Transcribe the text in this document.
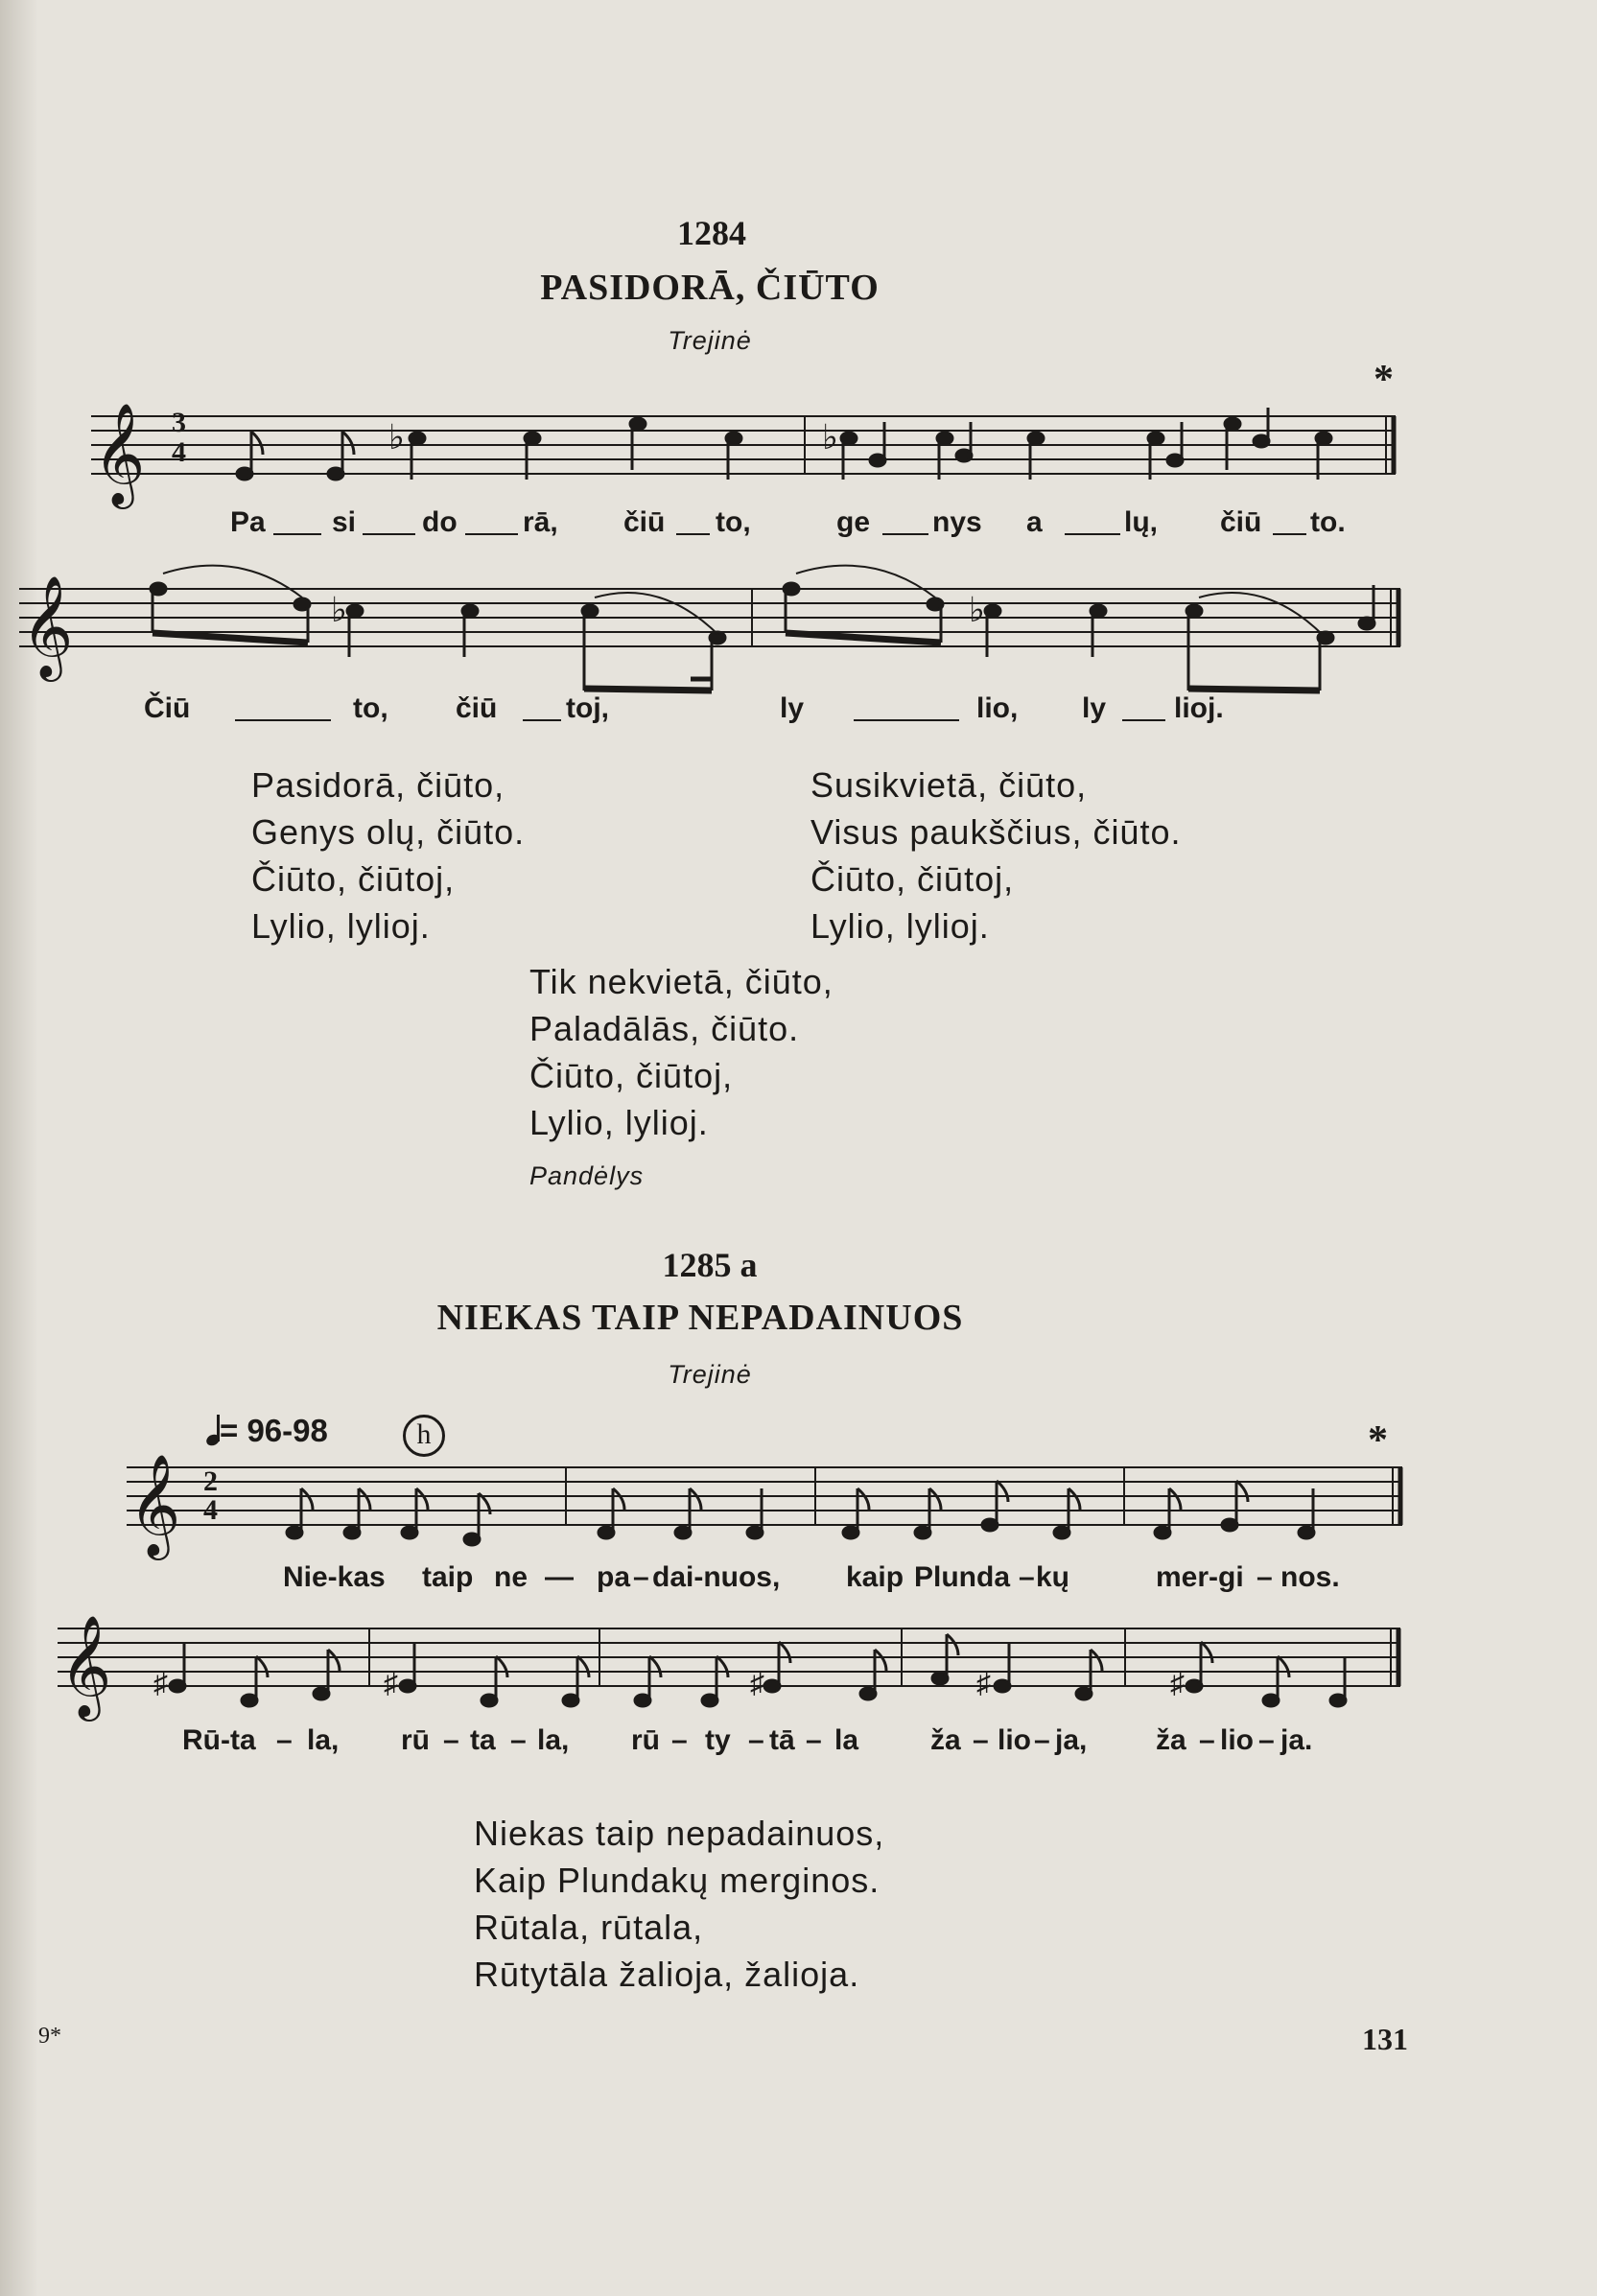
1284
PASIDORĀ, ČIŪTO
Trejinė
*
𝄞 3
4	♭	♭
Pa si do rā, čiū to,	ge nys a	lų, čiū to.
𝄞	♭	♭
Čiū	to, čiū toj,	ly	lio, ly lioj.
Pasidorā, čiūto,
Genys olų, čiūto.
Čiūto, čiūtoj,
Lylio, lylioj.
Susikvietā, čiūto,
Visus paukščius, čiūto.
Čiūto, čiūtoj,
Lylio, lylioj.
Tik nekvietā, čiūto,
Paladālās, čiūto.
Čiūto, čiūtoj,
Lylio, lylioj.
Pandėlys
1285 a
NIEKAS TAIP NEPADAINUOS
Trejinė
= 96-98	h	*
𝄞 2
4
Nie-kas taip ne — pa – dai-nuos, kaip Plunda – kų	mer-gi – nos.
𝄞 ♯	♯	♯	♯	♯
Rū-ta – la, rū – ta – la, rū – ty – tā – la ža – lio – ja, ža – lio – ja.
Niekas taip nepadainuos,
Kaip Plundakų merginos.
Rūtala, rūtala,
Rūtytāla žalioja, žalioja.
9*	131
